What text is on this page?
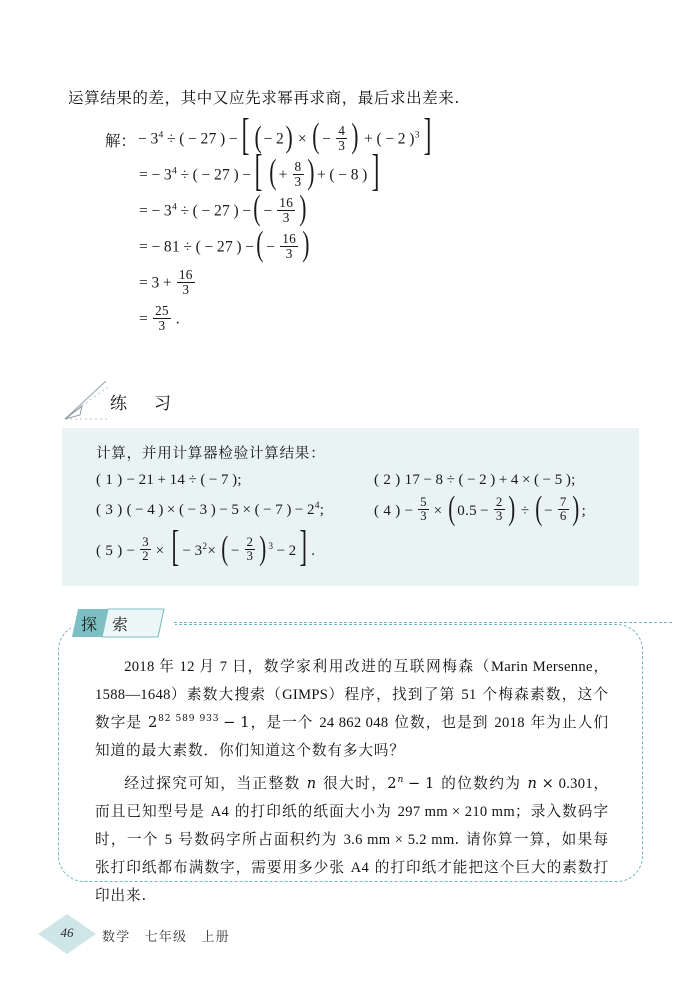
运算结果的差，其中又应先求幂再求商，最后求出差来.
解： − $3^4$ ÷ ( − 27 ) −[ (− 2) × ( −  $\frac{4}{3}$ ) + ( − 2 )$^3$]
= − $3^4$ ÷ ( − 27 ) −[ ( +  $\frac{8}{3}$ ) + ( − 8 )]
= − $3^4$ ÷ ( − 27 ) −( −  $\frac{16}{3}$ )
= − 81 ÷ ( − 27 ) −( −  $\frac{16}{3}$ )
= $3 + \frac{16}{3}$
=  $\frac{25}{3}$  .
练　习
计算，并用计算器检验计算结果：
( 1 ) − 21 + 14 ÷ ( − 7 );	( 2 ) 17 − 8 ÷ ( − 2 ) + 4 × ( − 5 );
( 3 ) ( − 4 ) × ( − 3 ) − 5 × ( − 7 ) − $2^4$;	( 4 ) −  $\frac{5}{3}$  × ( $0.5 - \frac{2}{3}$ ) ÷ ( −  $\frac{7}{6}$ ) ;
( 5 ) −  $\frac{3}{2}$  × [ − $3^2\times$ ( −  $\frac{2}{3}$ ) $^3$ − 2] .

2018 年 12 月 7 日，数学家利用改进的互联网梅森（Marin Mersenne，1588—1648）素数大搜索（GIMPS）程序，找到了第 51 个梅森素数，这个数字是 $2^{82 589 933} - 1$，是一个 24 862 048 位数，也是到 2018 年为止人们知道的最大素数．你们知道这个数有多大吗？

经过探究可知，当正整数 n 很大时，$2^n - 1$ 的位数约为 n × 0.301，而且已知型号是 A4 的打印纸的纸面大小为 297 mm × 210 mm；录入数码字时，一个 5 号数码字所占面积约为 3.6 mm × 5.2 mm. 请你算一算，如果每张打印纸都布满数字，需要用多少张 A4 的打印纸才能把这个巨大的素数打印出来.

探 索
46	数学　七年级　上册
